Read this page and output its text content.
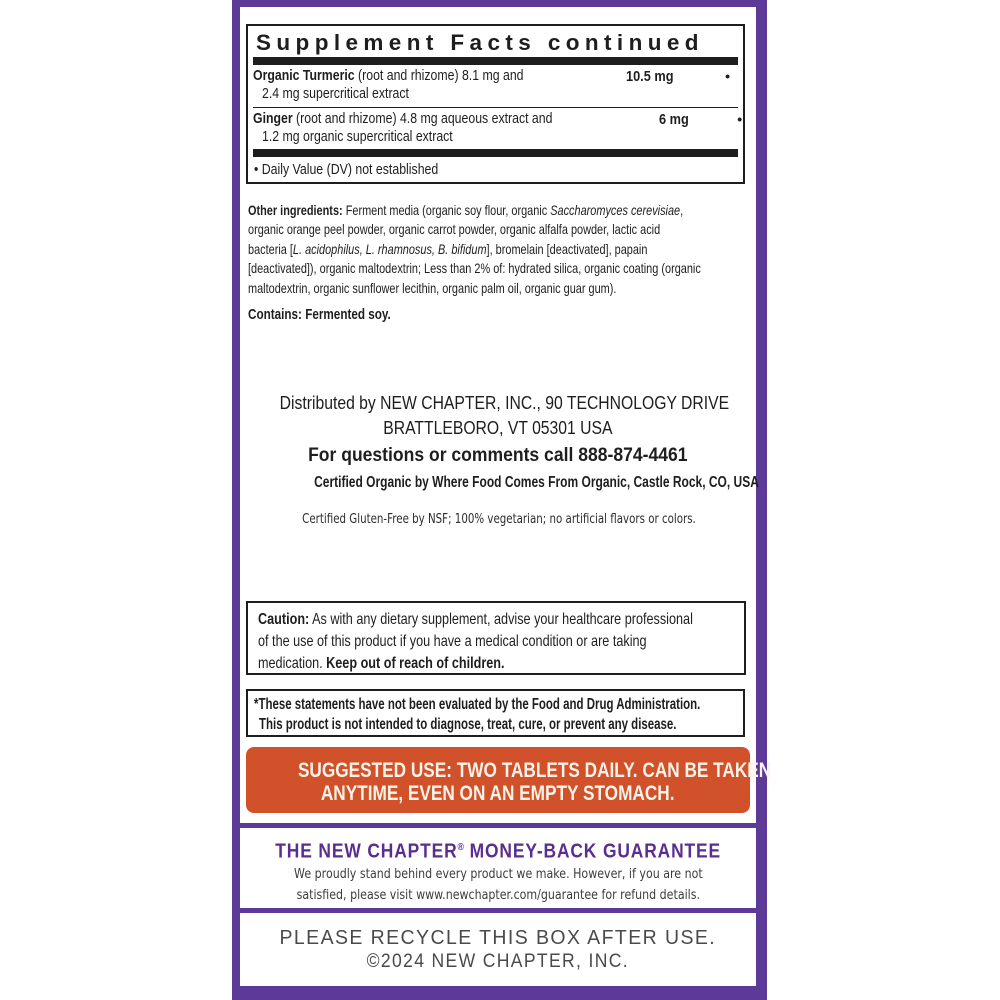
Supplement Facts continued
Organic Turmeric (root and rhizome) 8.1 mg and
2.4 mg supercritical extract
10.5 mg	•
Ginger (root and rhizome) 4.8 mg aqueous extract and
1.2 mg organic supercritical extract
6 mg	•
• Daily Value (DV) not established
Other ingredients: Ferment media (organic soy flour, organic Saccharomyces cerevisiae,
organic orange peel powder, organic carrot powder, organic alfalfa powder, lactic acid
bacteria [L. acidophilus, L. rhamnosus, B. bifidum], bromelain [deactivated], papain
[deactivated]), organic maltodextrin; Less than 2% of: hydrated silica, organic coating (organic
maltodextrin, organic sunflower lecithin, organic palm oil, organic guar gum).
Contains: Fermented soy.
Distributed by NEW CHAPTER, INC., 90 TECHNOLOGY DRIVE
BRATTLEBORO, VT 05301 USA
For questions or comments call 888-874-4461
Certified Organic by Where Food Comes From Organic, Castle Rock, CO, USA
Certified Gluten-Free by NSF; 100% vegetarian; no artificial flavors or colors.
Caution: As with any dietary supplement, advise your healthcare professional
of the use of this product if you have a medical condition or are taking
medication. Keep out of reach of children.
*These statements have not been evaluated by the Food and Drug Administration.
This product is not intended to diagnose, treat, cure, or prevent any disease.
SUGGESTED USE: TWO TABLETS DAILY. CAN BE TAKEN
ANYTIME, EVEN ON AN EMPTY STOMACH.
THE NEW CHAPTER® MONEY-BACK GUARANTEE
We proudly stand behind every product we make. However, if you are not
satisfied, please visit www.newchapter.com/guarantee for refund details.
PLEASE RECYCLE THIS BOX AFTER USE.
©2024 NEW CHAPTER, INC.
